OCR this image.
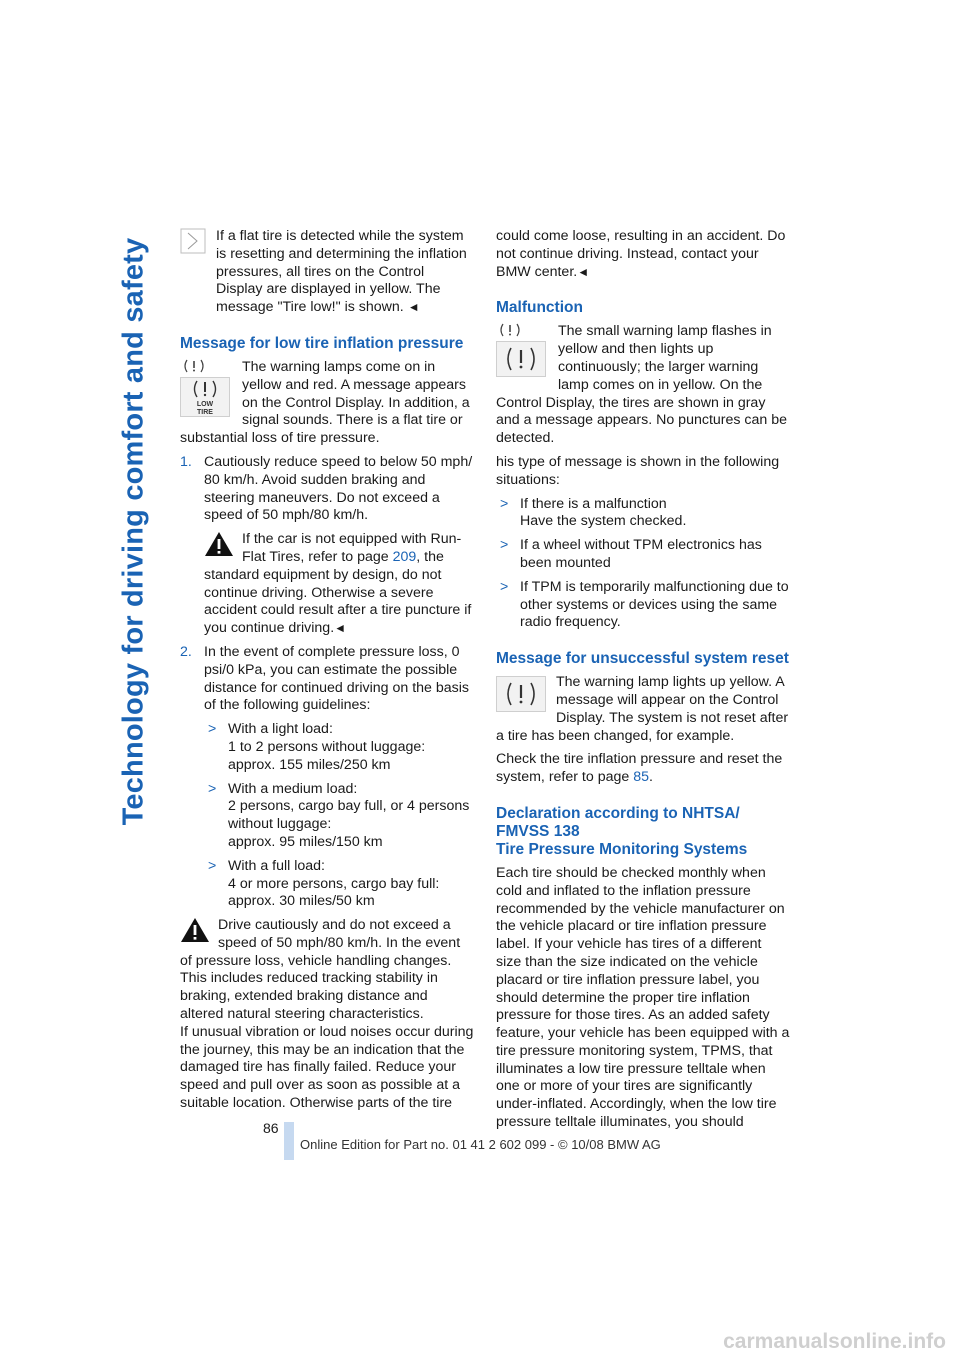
Technology for driving comfort and safety

If a flat tire is detected while the system is resetting and determining the inflation pressures, all tires on the Control Display are displayed in yellow. The message "Tire low!" is shown. ◄

Message for low tire inflation pressure
LOW
TIRE

The warning lamps come on in yellow and red. A message appears on the Control Display. In addition, a signal sounds. There is a flat tire or substantial loss of tire pressure.

1. Cautiously reduce speed to below 50 mph/ 80 km/h. Avoid sudden braking and steering maneuvers. Do not exceed a speed of 50 mph/80 km/h.
If the car is not equipped with Run-Flat Tires, refer to page 209, the standard equipment by design, do not continue driving. Otherwise a severe accident could result after a tire puncture if you continue driving.◄
2. In the event of complete pressure loss, 0 psi/0 kPa, you can estimate the possible distance for continued driving on the basis of the following guidelines:
> With a light load:
1 to 2 persons without luggage:
approx. 155 miles/250 km
> With a medium load:
2 persons, cargo bay full, or 4 persons without luggage:
approx. 95 miles/150 km
> With a full load:
4 or more persons, cargo bay full:
approx. 30 miles/50 km

Drive cautiously and do not exceed a speed of 50 mph/80 km/h. In the event of pressure loss, vehicle handling changes. This includes reduced tracking stability in braking, extended braking distance and altered natural steering characteristics.

If unusual vibration or loud noises occur during the journey, this may be an indication that the damaged tire has finally failed. Reduce your speed and pull over as soon as possible at a suitable location. Otherwise parts of the tire

could come loose, resulting in an accident. Do not continue driving. Instead, contact your BMW center.◄

Malfunction

The small warning lamp flashes in yellow and then lights up continuously; the larger warning lamp comes on in yellow. On the Control Display, the tires are shown in gray and a message appears. No punctures can be detected.

his type of message is shown in the following situations:

> If there is a malfunction
Have the system checked.
> If a wheel without TPM electronics has been mounted
> If TPM is temporarily malfunctioning due to other systems or devices using the same radio frequency.
Message for unsuccessful system reset

The warning lamp lights up yellow. A message will appear on the Control Display. The system is not reset after a tire has been changed, for example.

Check the tire inflation pressure and reset the system, refer to page 85.

Declaration according to NHTSA/
FMVSS 138
Tire Pressure Monitoring Systems

Each tire should be checked monthly when cold and inflated to the inflation pressure recommended by the vehicle manufacturer on the vehicle placard or tire inflation pressure label. If your vehicle has tires of a different size than the size indicated on the vehicle placard or tire inflation pressure label, you should determine the proper tire inflation pressure for those tires. As an added safety feature, your vehicle has been equipped with a tire pressure monitoring system, TPMS, that illuminates a low tire pressure telltale when one or more of your tires are significantly under-inflated. Accordingly, when the low tire pressure telltale illuminates, you should

86
Online Edition for Part no. 01 41 2 602 099 - © 10/08 BMW AG
carmanualsonline.info
